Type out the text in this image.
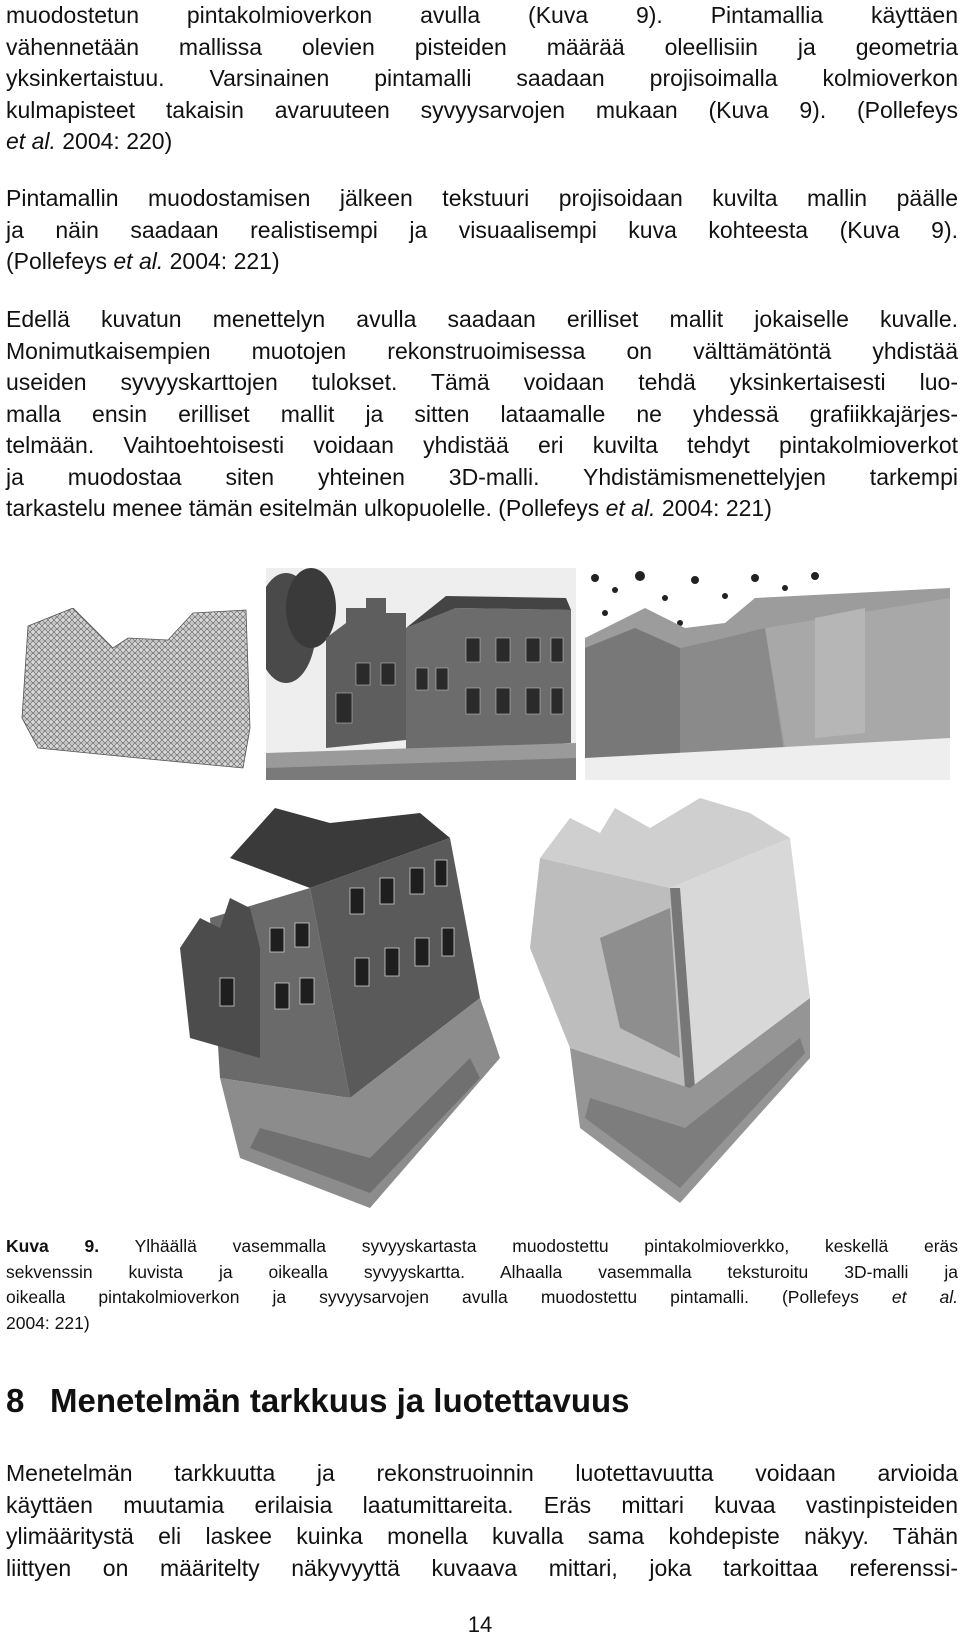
muodostetun pintakolmioverkon avulla (Kuva 9). Pintamallia käyttäen
vähennetään mallissa olevien pisteiden määrää oleellisiin ja geometria
yksinkertaistuu. Varsinainen pintamalli saadaan projisoimalla kolmioverkon
kulmapisteet takaisin avaruuteen syvyysarvojen mukaan (Kuva 9). (Pollefeys
et al. 2004: 220)
Pintamallin muodostamisen jälkeen tekstuuri projisoidaan kuvilta mallin päälle
ja näin saadaan realistisempi ja visuaalisempi kuva kohteesta (Kuva 9).
(Pollefeys et al. 2004: 221)
Edellä kuvatun menettelyn avulla saadaan erilliset mallit jokaiselle kuvalle.
Monimutkaisempien muotojen rekonstruoimisessa on välttämätöntä yhdistää
useiden syvyyskarttojen tulokset. Tämä voidaan tehdä yksinkertaisesti luo-
malla ensin erilliset mallit ja sitten lataamalle ne yhdessä grafiikkajärjes-
telmään. Vaihtoehtoisesti voidaan yhdistää eri kuvilta tehdyt pintakolmioverkot
ja muodostaa siten yhteinen 3D-malli. Yhdistämismenettelyjen tarkempi
tarkastelu menee tämän esitelmän ulkopuolelle. (Pollefeys et al. 2004: 221)
Kuva 9. Ylhäällä vasemmalla syvyyskartasta muodostettu pintakolmioverkko, keskellä eräs
sekvenssin kuvista ja oikealla syvyyskartta. Alhaalla vasemmalla teksturoitu 3D-malli ja
oikealla pintakolmioverkon ja syvyysarvojen avulla muodostettu pintamalli. (Pollefeys et al.
2004: 221)
8 Menetelmän tarkkuus ja luotettavuus
Menetelmän tarkkuutta ja rekonstruoinnin luotettavuutta voidaan arvioida
käyttäen muutamia erilaisia laatumittareita. Eräs mittari kuvaa vastinpisteiden
ylimääritystä eli laskee kuinka monella kuvalla sama kohdepiste näkyy. Tähän
liittyen on määritelty näkyvyyttä kuvaava mittari, joka tarkoittaa referenssi-
14
